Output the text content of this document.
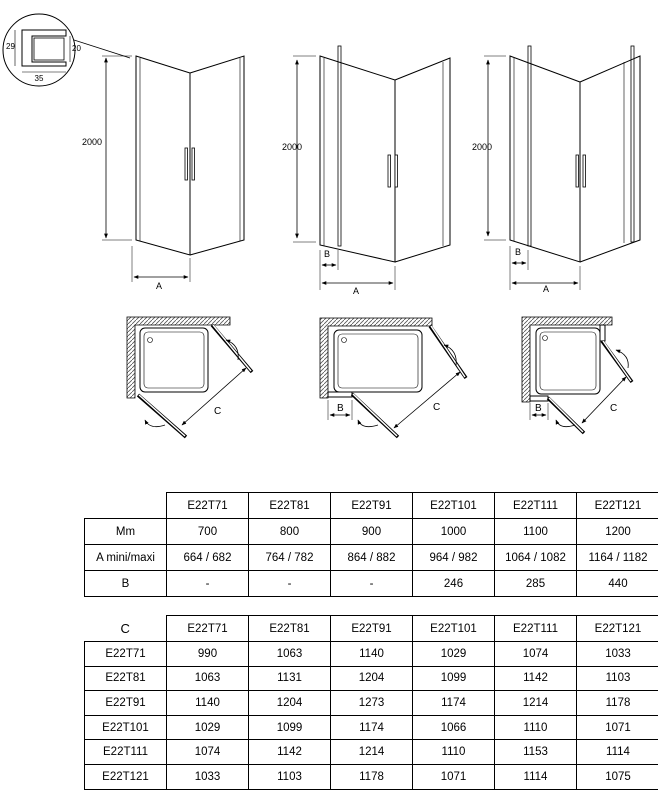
29	20
35
2000
A
2000
B
A
2000
B
A
C	B	C	B	C
	E22T71	E22T81	E22T91	E22T101	E22T111	E22T121
Mm	700	800	900	1000	1100	1200
A mini/maxi	664 / 682	764 / 782	864 / 882	964 / 982	1064 / 1082	1164 / 1182
B	-	-	-	246	285	440
C	E22T71	E22T81	E22T91	E22T101	E22T111	E22T121
E22T71	990	1063	1140	1029	1074	1033
E22T81	1063	1131	1204	1099	1142	1103
E22T91	1140	1204	1273	1174	1214	1178
E22T101	1029	1099	1174	1066	1110	1071
E22T111	1074	1142	1214	1110	1153	1114
E22T121	1033	1103	1178	1071	1114	1075
